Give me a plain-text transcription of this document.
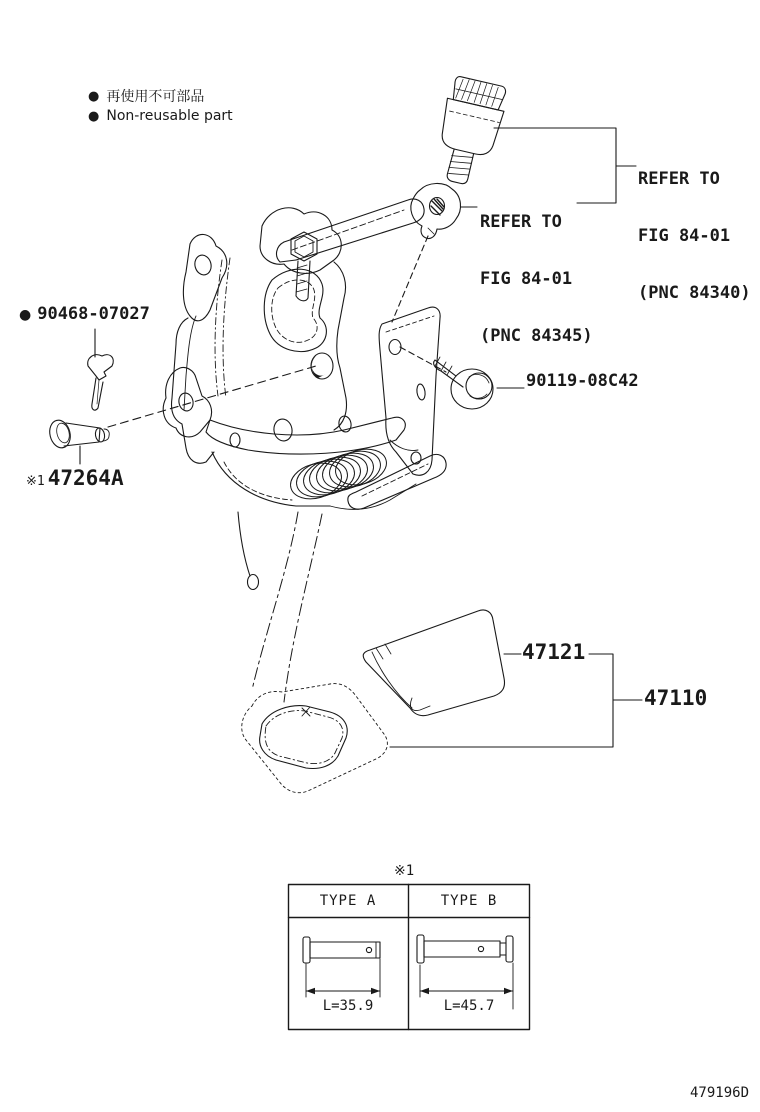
● 再使用不可部品
● Non-reusable part

REFER TO

FIG 84-01

(PNC 84340)

REFER TO

FIG 84-01

(PNC 84345)

● 90468-07027
※1 47264A
90119-08C42
47121
47110
※1
TYPE A	TYPE B
L=35.9	L=45.7
479196D
